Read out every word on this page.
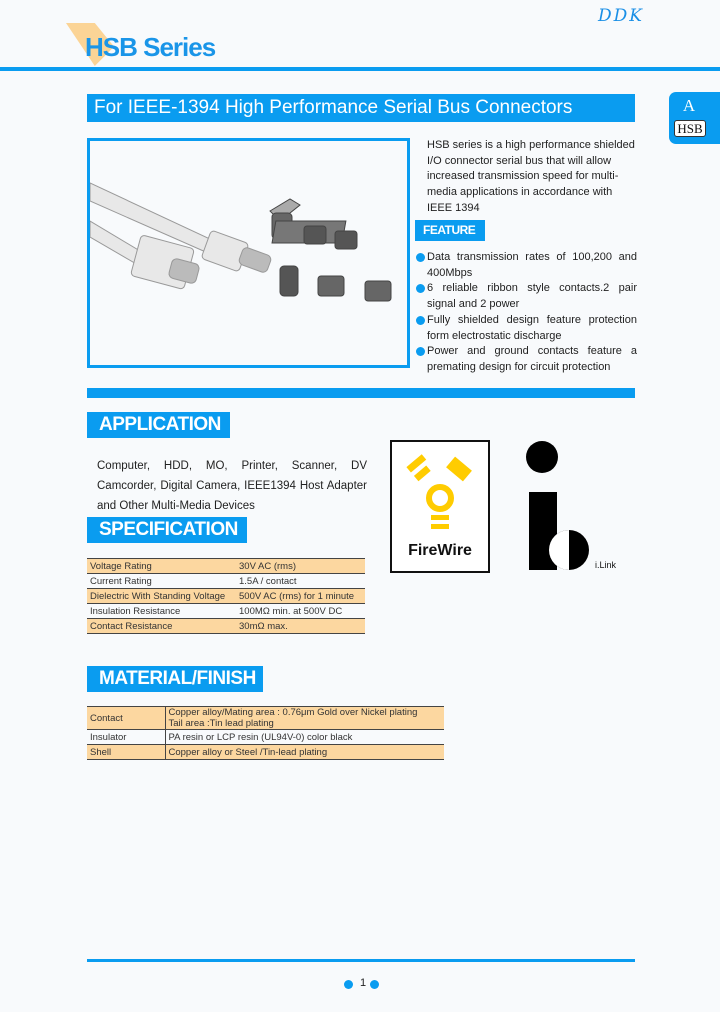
DDK
HSB Series
For IEEE-1394 High Performance Serial Bus Connectors	A
HSB
HSB series is a high performance shielded I/O connector serial bus that will allow increased transmission speed for multi-media applications in accordance with IEEE 1394
FEATURE
Data transmission rates of 100,200 and 400Mbps
6 reliable ribbon style contacts.2 pair signal and 2 power
Fully shielded design feature protection form electrostatic discharge
Power and ground contacts feature a premating design for circuit protection
APPLICATION
Computer, HDD, MO, Printer, Scanner, DV Camcorder, Digital Camera, IEEE1394 Host Adapter and Other Multi-Media Devices
FireWire
i.Link
SPECIFICATION
Voltage Rating	30V AC (rms)
Current Rating	1.5A / contact
Dielectric With Standing Voltage	500V AC (rms) for 1 minute
Insulation Resistance	100MΩ min. at 500V DC
Contact Resistance	30mΩ max.
MATERIAL/FINISH
Contact	Copper alloy/Mating area : 0.76μm Gold over Nickel plating
Tail area :Tin lead plating

Insulator	PA resin or LCP resin (UL94V-0) color black
Shell	Copper alloy or Steel /Tin-lead plating
1
